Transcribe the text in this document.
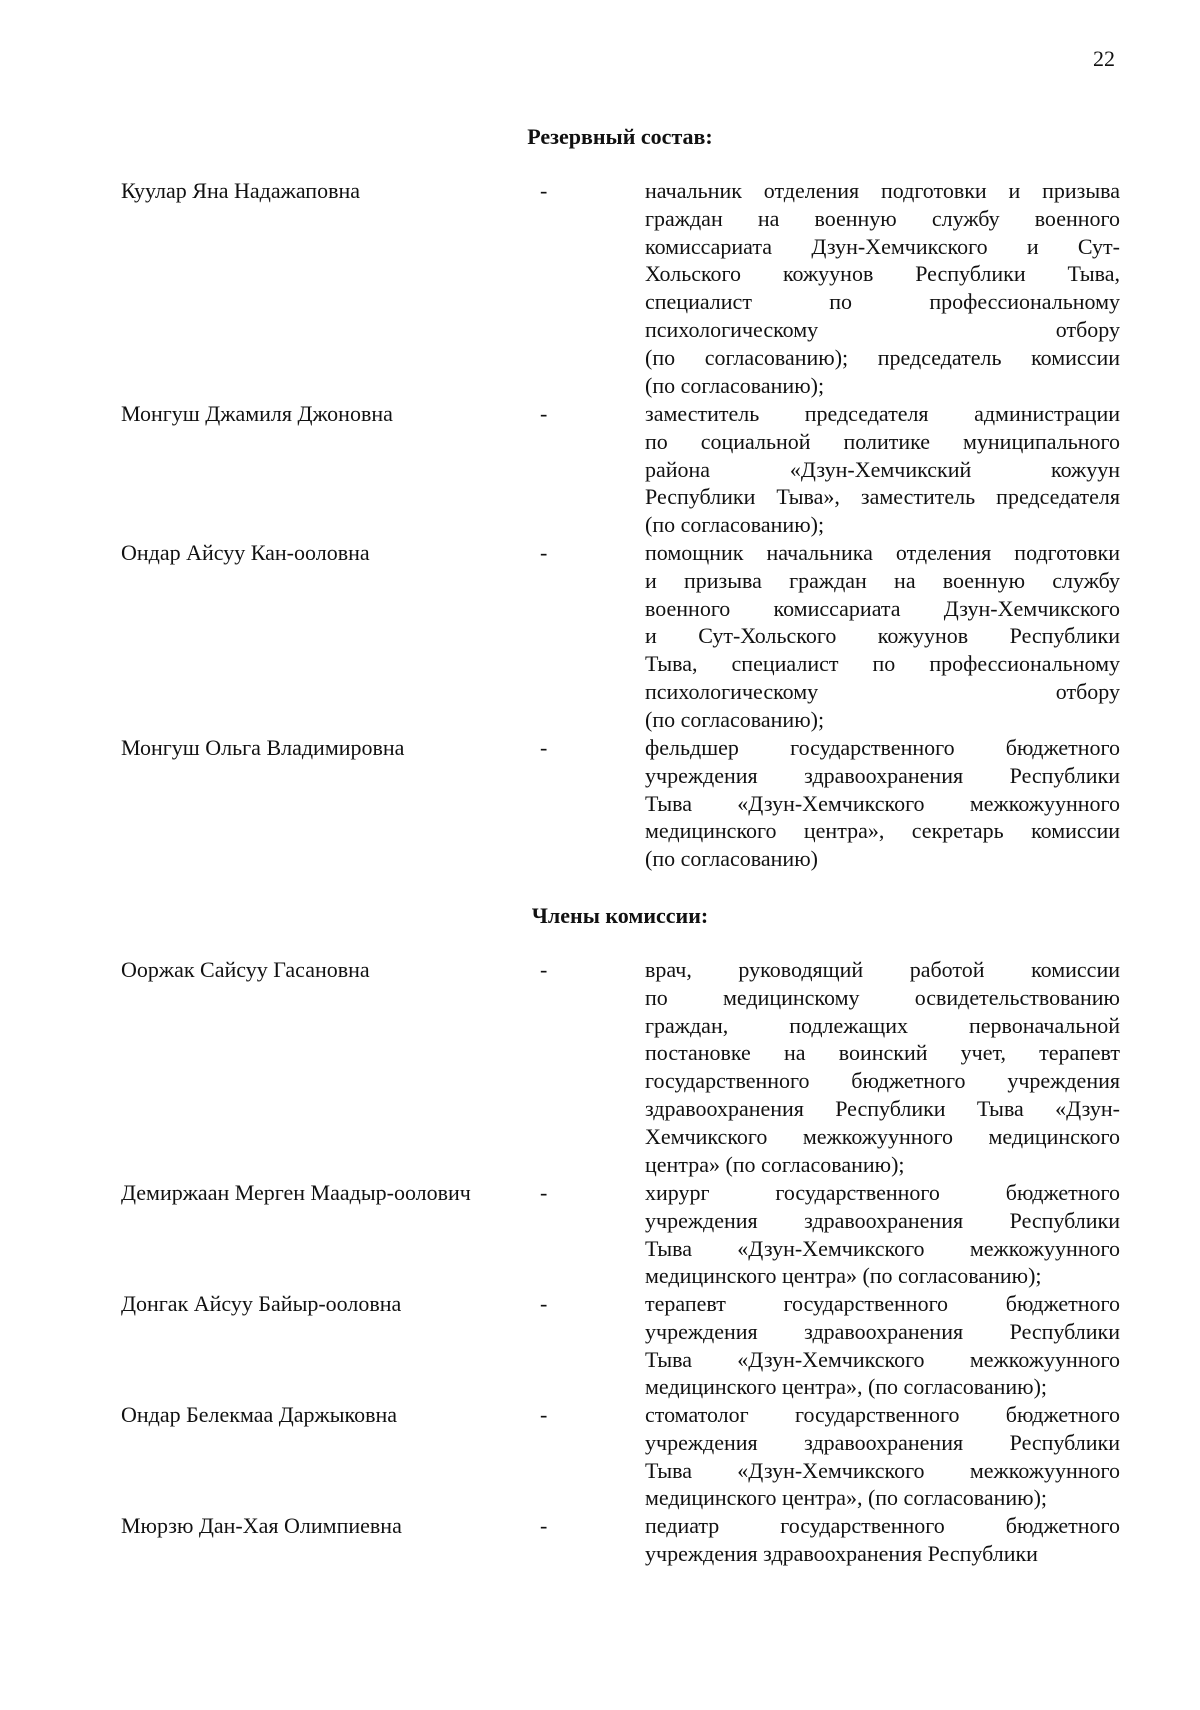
22
Резервный состав:
Куулар Яна Надажаповна	-	начальник отделения подготовки и призыва
граждан на военную службу военного
комиссариата Дзун-Хемчикского и Сут-
Хольского кожуунов Республики Тыва,
специалист по профессиональному
психологическому отбору
(по согласованию); председатель комиссии
(по согласованию);
Монгуш Джамиля Джоновна	-	заместитель председателя администрации
по социальной политике муниципального
района «Дзун-Хемчикский кожуун
Республики Тыва», заместитель председателя
(по согласованию);
Ондар Айсуу Кан-ооловна	-	помощник начальника отделения подготовки
и призыва граждан на военную службу
военного комиссариата Дзун-Хемчикского
и Сут-Хольского кожуунов Республики
Тыва, специалист по профессиональному
психологическому отбору
(по согласованию);
Монгуш Ольга Владимировна	-	фельдшер государственного бюджетного
учреждения здравоохранения Республики
Тыва «Дзун-Хемчикского межкожуунного
медицинского центра», секретарь комиссии
(по согласованию)
Члены комиссии:
Ооржак Сайсуу Гасановна	-	врач, руководящий работой комиссии
по медицинскому освидетельствованию
граждан, подлежащих первоначальной
постановке на воинский учет, терапевт
государственного бюджетного учреждения
здравоохранения Республики Тыва «Дзун-
Хемчикского межкожуунного медицинского
центра» (по согласованию);
Демиржаан Мерген Маадыр-оолович	-	хирург государственного бюджетного
учреждения здравоохранения Республики
Тыва «Дзун-Хемчикского межкожуунного
медицинского центра» (по согласованию);
Донгак Айсуу Байыр-ооловна	-	терапевт государственного бюджетного
учреждения здравоохранения Республики
Тыва «Дзун-Хемчикского межкожуунного
медицинского центра», (по согласованию);
Ондар Белекмаа Даржыковна	-	стоматолог государственного бюджетного
учреждения здравоохранения Республики
Тыва «Дзун-Хемчикского межкожуунного
медицинского центра», (по согласованию);
Мюрзю Дан-Хая Олимпиевна	-	педиатр государственного бюджетного
учреждения здравоохранения Республики
